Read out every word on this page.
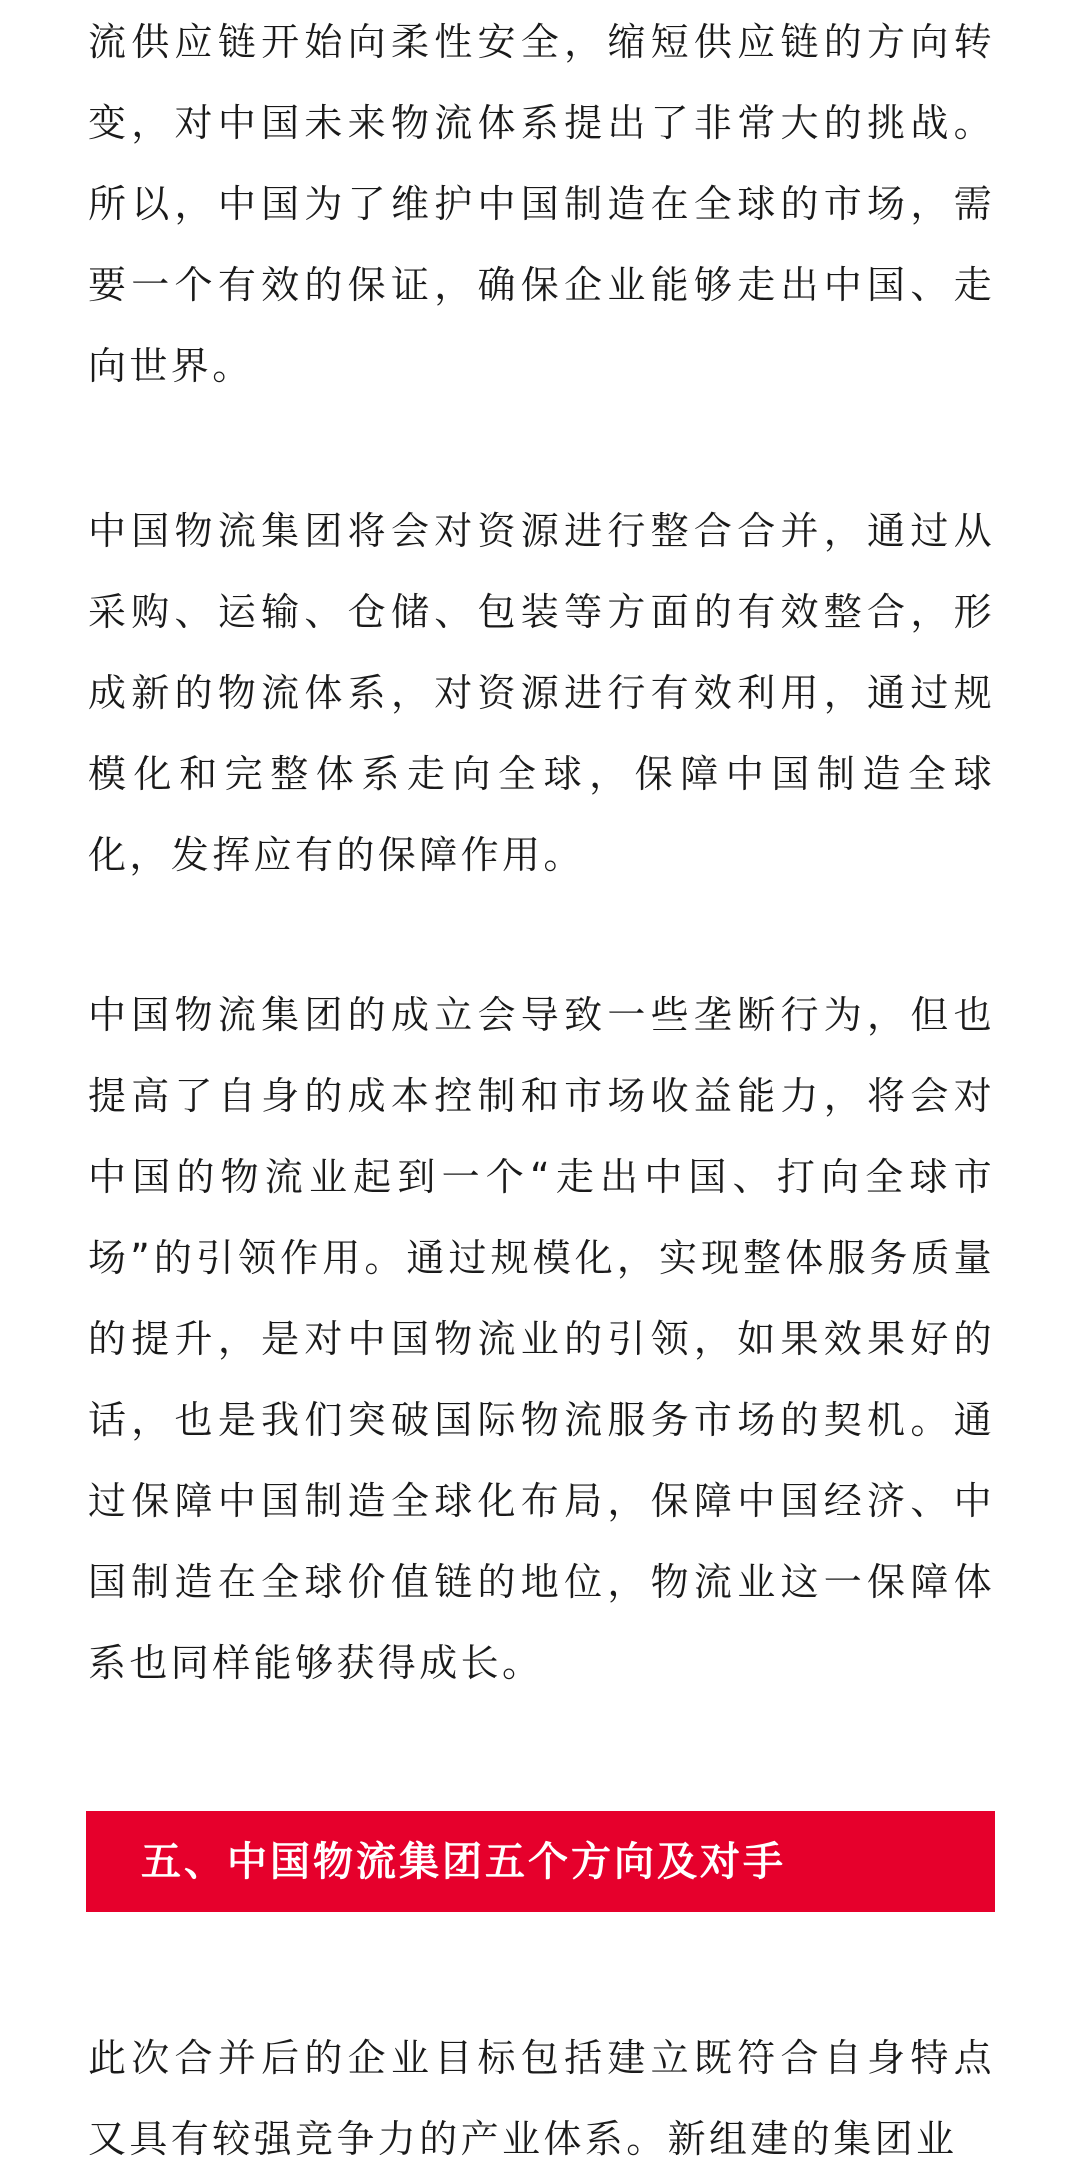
流供应链开始向柔性安全，缩短供应链的方向转变，对中国未来物流体系提出了非常大的挑战。所以，中国为了维护中国制造在全球的市场，需要一个有效的保证，确保企业能够走出中国、走向世界。

中国物流集团将会对资源进行整合合并，通过从采购、运输、仓储、包装等方面的有效整合，形成新的物流体系，对资源进行有效利用，通过规模化和完整体系走向全球，保障中国制造全球化，发挥应有的保障作用。

中国物流集团的成立会导致一些垄断行为，但也提高了自身的成本控制和市场收益能力，将会对中国的物流业起到一个“走出中国、打向全球市场”的引领作用。通过规模化，实现整体服务质量的提升，是对中国物流业的引领，如果效果好的话，也是我们突破国际物流服务市场的契机。通过保障中国制造全球化布局，保障中国经济、中国制造在全球价值链的地位，物流业这一保障体系也同样能够获得成长。

此次合并后的企业目标包括建立既符合自身特点又具有较强竞争力的产业体系。新组建的集团业

五、中国物流集团五个方向及对手
